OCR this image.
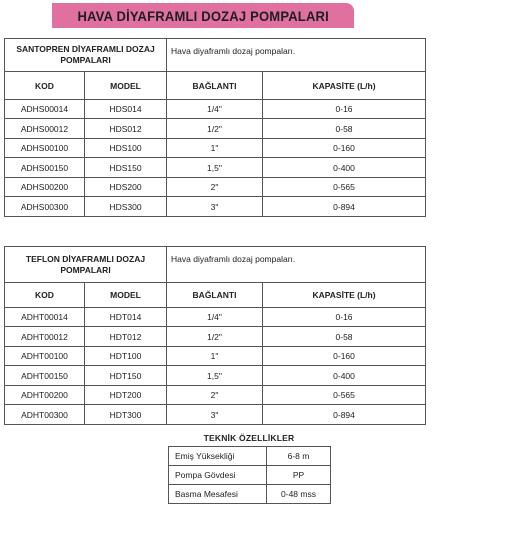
HAVA DİYAFRAMLI DOZAJ POMPALARI
SANTOPREN DİYAFRAMLI DOZAJ POMPALARI		Hava diyaframlı dozaj pompaları.	
KOD	MODEL	BAĞLANTI	KAPASİTE (L/h)
ADHS00014	HDS014	1/4"	0-16
ADHS00012	HDS012	1/2"	0-58
ADHS00100	HDS100	1"	0-160
ADHS00150	HDS150	1,5''	0-400
ADHS00200	HDS200	2"	0-565
ADHS00300	HDS300	3"	0-894
TEFLON DİYAFRAMLI DOZAJ POMPALARI		Hava diyaframlı dozaj pompaları.	
KOD	MODEL	BAĞLANTI	KAPASİTE (L/h)
ADHT00014	HDT014	1/4"	0-16
ADHT00012	HDT012	1/2"	0-58
ADHT00100	HDT100	1"	0-160
ADHT00150	HDT150	1,5''	0-400
ADHT00200	HDT200	2"	0-565
ADHT00300	HDT300	3"	0-894
TEKNİK ÖZELLİKLER
Emiş Yüksekliği	6-8 m
Pompa Gövdesi	PP
Basma Mesafesi	0-48 mss
